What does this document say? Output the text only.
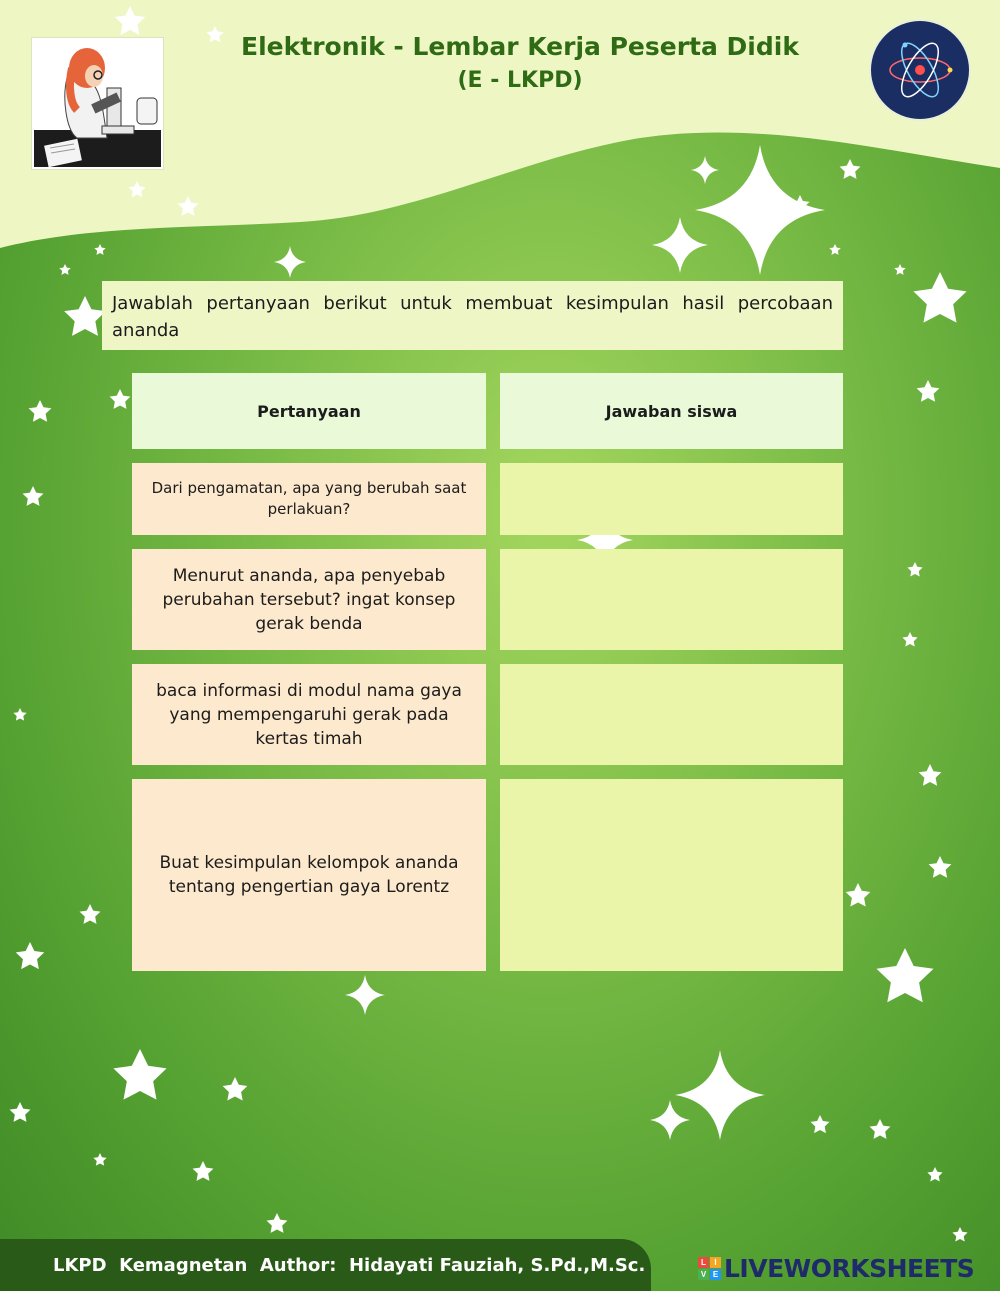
Elektronik - Lembar Kerja Peserta Didik
(E - LKPD)
Jawablah pertanyaan berikut untuk membuat kesimpulan hasil percobaan ananda
Pertanyaan	Jawaban siswa
Dari pengamatan, apa yang berubah saat perlakuan?
Menurut ananda, apa penyebab perubahan tersebut? ingat konsep gerak benda
baca informasi di modul nama gaya yang mempengaruhi gerak pada kertas timah
Buat kesimpulan kelompok ananda tentang pengertian gaya Lorentz
LKPD  Kemagnetan  Author:  Hidayati Fauziah, S.Pd.,M.Sc.	L	I
V E LIVEWORKSHEETS
